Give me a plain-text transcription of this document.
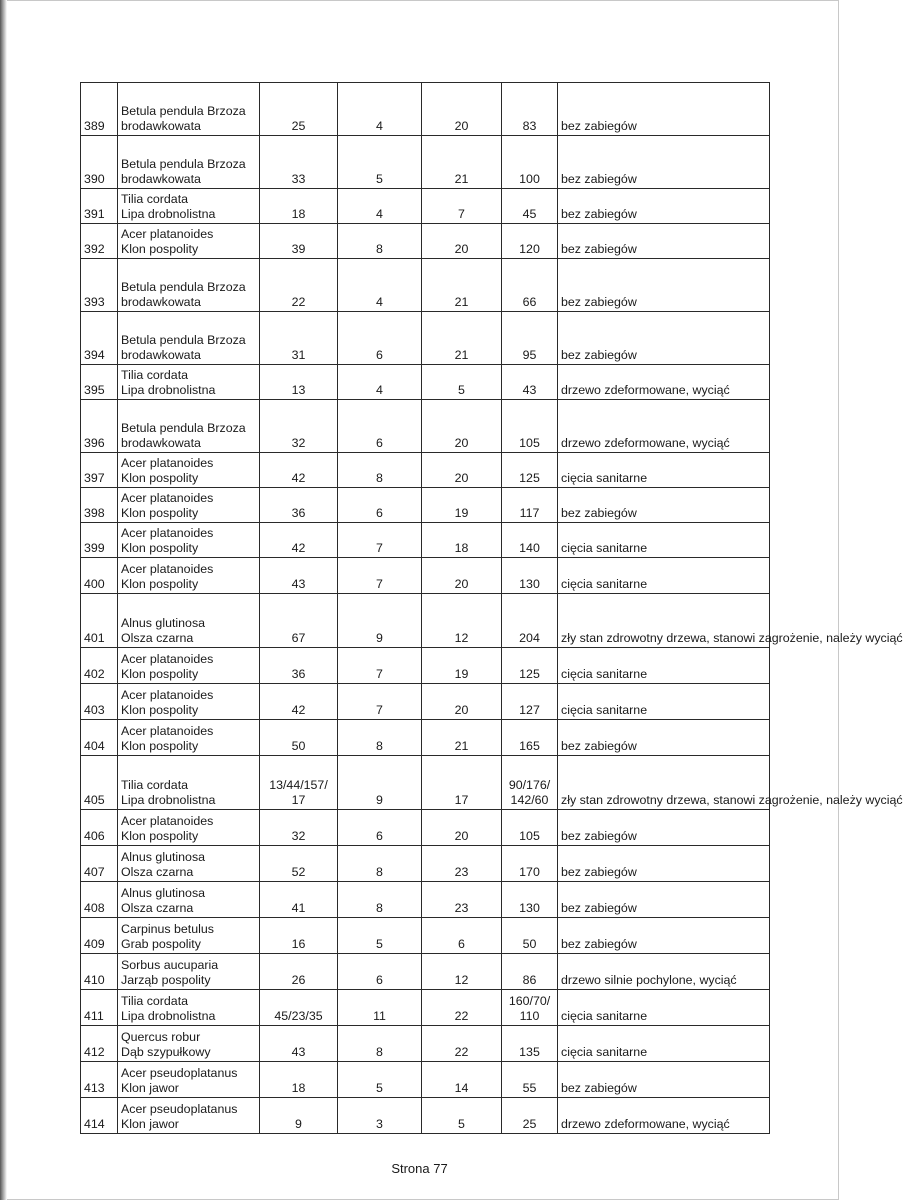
389	Betula pendula Brzoza
brodawkowata	25	4	20	83	bez zabiegów
390	Betula pendula Brzoza
brodawkowata	33	5	21	100	bez zabiegów
391	Tilia cordata
Lipa drobnolistna	18	4	7	45	bez zabiegów
392	Acer platanoides
Klon pospolity	39	8	20	120	bez zabiegów
393	Betula pendula Brzoza
brodawkowata	22	4	21	66	bez zabiegów
394	Betula pendula Brzoza
brodawkowata	31	6	21	95	bez zabiegów
395	Tilia cordata
Lipa drobnolistna	13	4	5	43	drzewo zdeformowane, wyciąć
396	Betula pendula Brzoza
brodawkowata	32	6	20	105	drzewo zdeformowane, wyciąć
397	Acer platanoides
Klon pospolity	42	8	20	125	cięcia sanitarne
398	Acer platanoides
Klon pospolity	36	6	19	117	bez zabiegów
399	Acer platanoides
Klon pospolity	42	7	18	140	cięcia sanitarne
400	Acer platanoides
Klon pospolity	43	7	20	130	cięcia sanitarne
401	Alnus glutinosa
Olsza czarna	67	9	12	204	zły stan zdrowotny drzewa, stanowi zagrożenie, należy wyciąć
402	Acer platanoides
Klon pospolity	36	7	19	125	cięcia sanitarne
403	Acer platanoides
Klon pospolity	42	7	20	127	cięcia sanitarne
404	Acer platanoides
Klon pospolity	50	8	21	165	bez zabiegów
405	Tilia cordata
Lipa drobnolistna	13/44/157/
17	9	17	90/176/
142/60	zły stan zdrowotny drzewa, stanowi zagrożenie, należy wyciąć
406	Acer platanoides
Klon pospolity	32	6	20	105	bez zabiegów
407	Alnus glutinosa
Olsza czarna	52	8	23	170	bez zabiegów
408	Alnus glutinosa
Olsza czarna	41	8	23	130	bez zabiegów
409	Carpinus betulus
Grab pospolity	16	5	6	50	bez zabiegów
410	Sorbus aucuparia
Jarząb pospolity	26	6	12	86	drzewo silnie pochylone, wyciąć
411	Tilia cordata
Lipa drobnolistna	45/23/35	11	22	160/70/
110	cięcia sanitarne
412	Quercus robur
Dąb szypułkowy	43	8	22	135	cięcia sanitarne
413	Acer pseudoplatanus
Klon jawor	18	5	14	55	bez zabiegów
414	Acer pseudoplatanus
Klon jawor	9	3	5	25	drzewo zdeformowane, wyciąć
Strona 77
